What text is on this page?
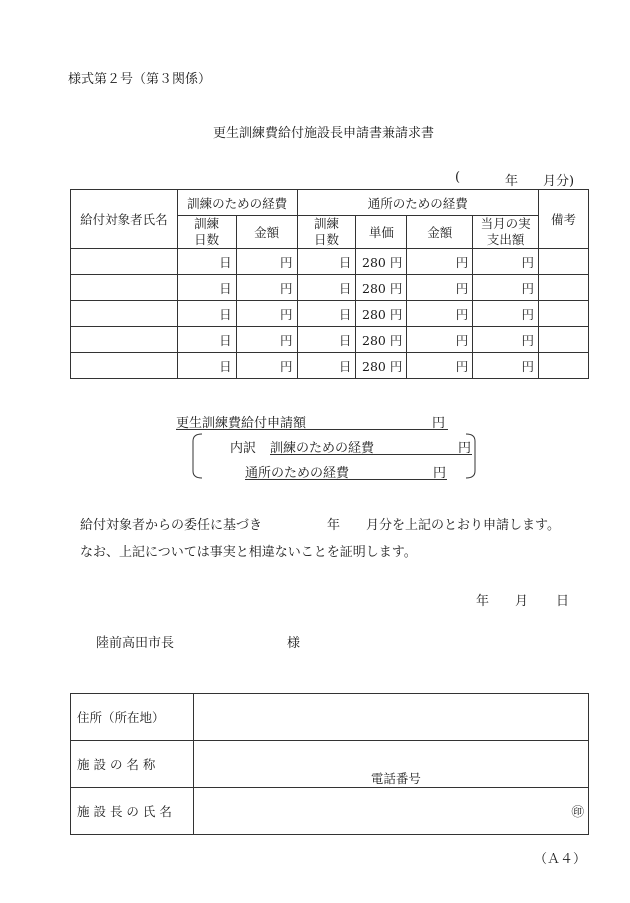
様式第２号（第３関係）
更生訓練費給付施設長申請書兼請求書
(	年 月分)
給付対象者氏名	訓練のための経費		通所のための経費				備考
	訓練日数	金額	訓練日数	単価	金額	当月の実支出額	
	日	円	日	280 円	円	円	
	日	円	日	280 円	円	円	
	日	円	日	280 円	円	円	
	日	円	日	280 円	円	円	
	日	円	日	280 円	円	円	
更生訓練費給付申請額	円
内訳 訓練のための経費	円
通所のための経費	円
給付対象者からの委任に基づき	年 月分を上記のとおり申請します。
なお、上記については事実と相違ないことを証明します。
年 月 日
陸前高田市長	様
住所（所在地）	
施 設 の 名 称	電話番号

施 設 長 の 氏 名	㊞
（Ａ４）
